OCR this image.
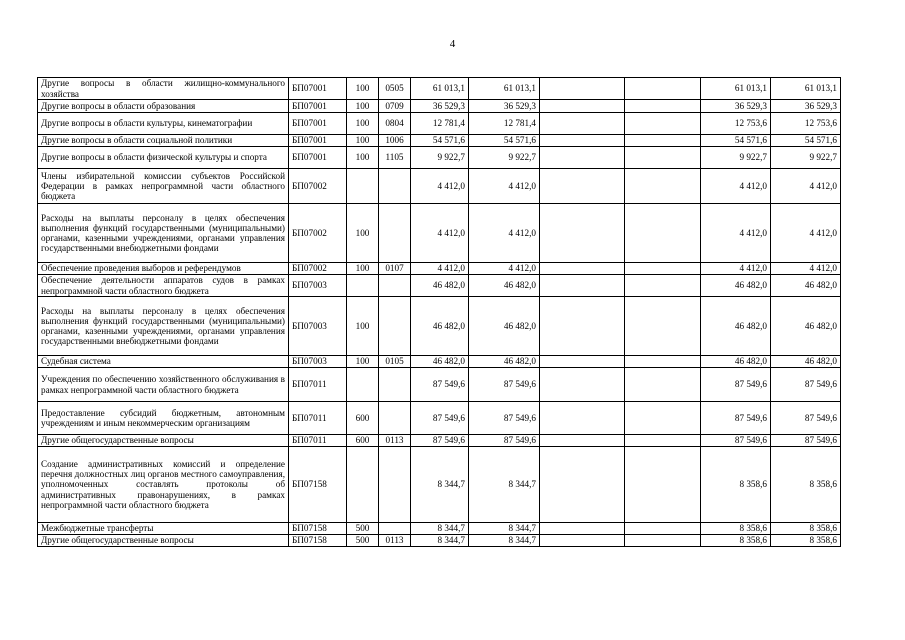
4
Другие вопросы в области жилищно-коммунального хозяйства	БП07001	100	0505	61 013,1	61 013,1			61 013,1	61 013,1
Другие вопросы в области образования	БП07001	100	0709	36 529,3	36 529,3			36 529,3	36 529,3
Другие вопросы в области культуры, кинематографии	БП07001	100	0804	12 781,4	12 781,4			12 753,6	12 753,6
Другие вопросы в области социальной политики	БП07001	100	1006	54 571,6	54 571,6			54 571,6	54 571,6
Другие вопросы в области физической культуры и спорта	БП07001	100	1105	9 922,7	9 922,7			9 922,7	9 922,7
Члены избирательной комиссии субъектов Российской Федерации в рамках непрограммной части областного бюджета	БП07002			4 412,0	4 412,0			4 412,0	4 412,0
Расходы на выплаты персоналу в целях обеспечения выполнения функций государственными (муниципальными) органами, казенными учреждениями, органами управления государственными внебюджетными фондами	БП07002	100		4 412,0	4 412,0			4 412,0	4 412,0
Обеспечение проведения выборов и референдумов	БП07002	100	0107	4 412,0	4 412,0			4 412,0	4 412,0
Обеспечение деятельности аппаратов судов в рамках непрограммной части областного бюджета	БП07003			46 482,0	46 482,0			46 482,0	46 482,0
Расходы на выплаты персоналу в целях обеспечения выполнения функций государственными (муниципальными) органами, казенными учреждениями, органами управления государственными внебюджетными фондами	БП07003	100		46 482,0	46 482,0			46 482,0	46 482,0
Судебная система	БП07003	100	0105	46 482,0	46 482,0			46 482,0	46 482,0
Учреждения по обеспечению хозяйственного обслуживания в рамках непрограммной части областного бюджета	БП07011			87 549,6	87 549,6			87 549,6	87 549,6
Предоставление субсидий бюджетным, автономным учреждениям и иным некоммерческим организациям	БП07011	600		87 549,6	87 549,6			87 549,6	87 549,6
Другие общегосударственные вопросы	БП07011	600	0113	87 549,6	87 549,6			87 549,6	87 549,6
Создание административных комиссий и определение перечня должностных лиц органов местного самоуправления, уполномоченных составлять протоколы об административных правонарушениях, в рамках непрограммной части областного бюджета	БП07158			8 344,7	8 344,7			8 358,6	8 358,6
Межбюджетные трансферты	БП07158	500		8 344,7	8 344,7			8 358,6	8 358,6
Другие общегосударственные вопросы	БП07158	500	0113	8 344,7	8 344,7			8 358,6	8 358,6
